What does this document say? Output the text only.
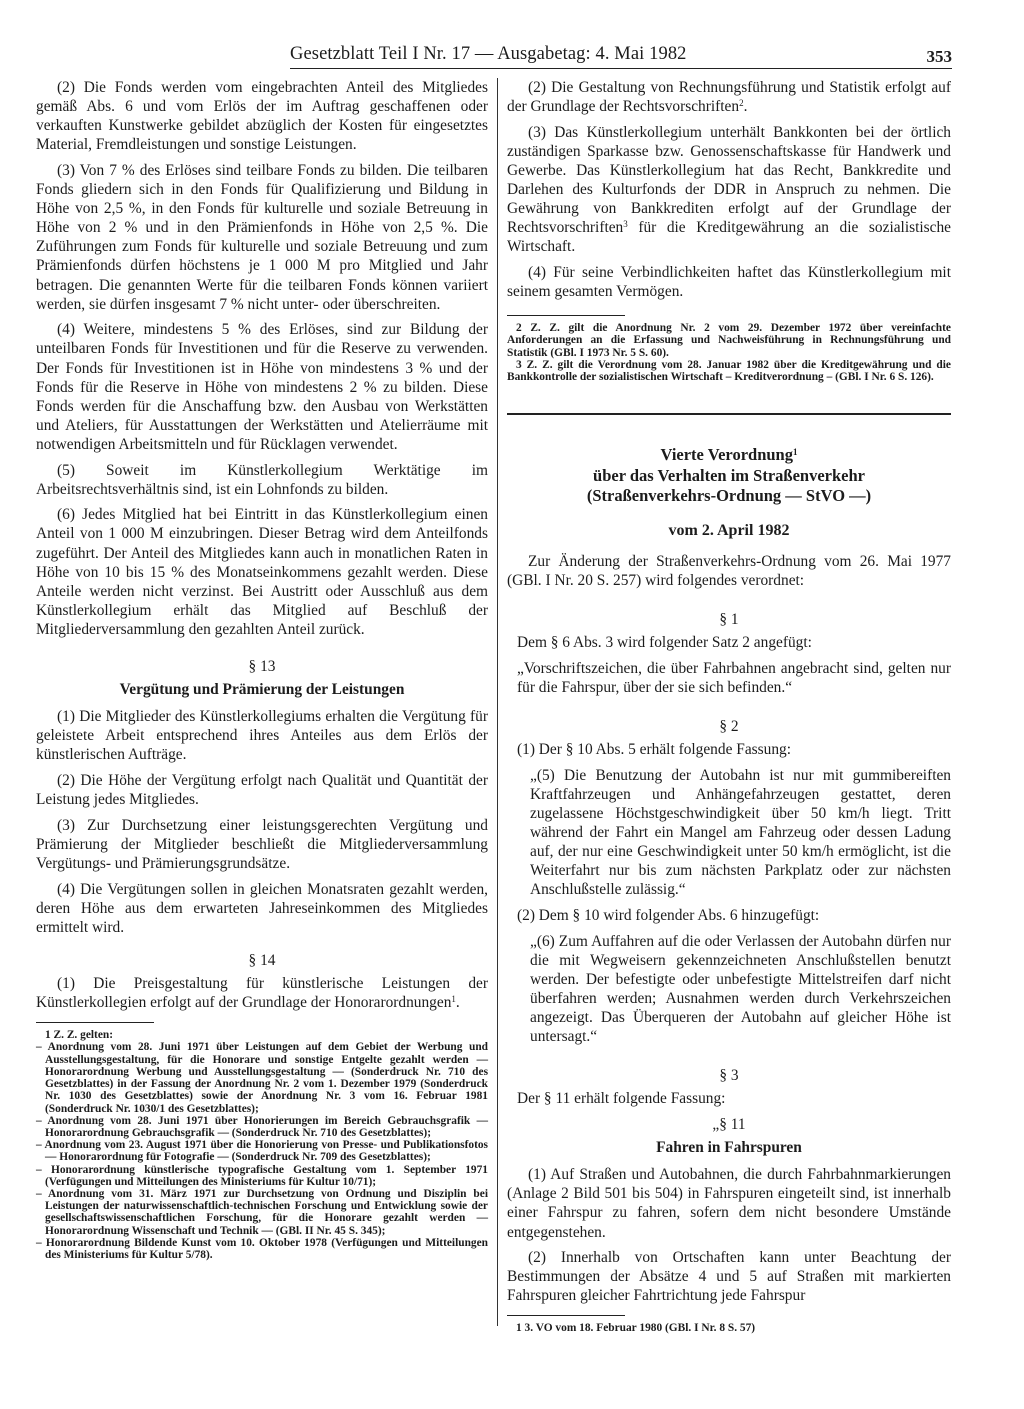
Gesetzblatt Teil I Nr. 17 — Ausgabetag: 4. Mai 1982	353

(2) Die Fonds werden vom eingebrachten Anteil des Mitgliedes gemäß Abs. 6 und vom Erlös der im Auftrag geschaffenen oder verkauften Kunstwerke gebildet abzüglich der Kosten für eingesetztes Material, Fremdleistungen und sonstige Leistungen.

(3) Von 7 % des Erlöses sind teilbare Fonds zu bilden. Die teilbaren Fonds gliedern sich in den Fonds für Qualifizierung und Bildung in Höhe von 2,5 %, in den Fonds für kulturelle und soziale Betreuung in Höhe von 2 % und in den Prämienfonds in Höhe von 2,5 %. Die Zuführungen zum Fonds für kulturelle und soziale Betreuung und zum Prämienfonds dürfen höchstens je 1 000 M pro Mitglied und Jahr betragen. Die genannten Werte für die teilbaren Fonds können variiert werden, sie dürfen insgesamt 7 % nicht unter- oder überschreiten.

(4) Weitere, mindestens 5 % des Erlöses, sind zur Bildung der unteilbaren Fonds für Investitionen und für die Reserve zu verwenden. Der Fonds für Investitionen ist in Höhe von mindestens 3 % und der Fonds für die Reserve in Höhe von mindestens 2 % zu bilden. Diese Fonds werden für die Anschaffung bzw. den Ausbau von Werkstätten und Ateliers, für Ausstattungen der Werkstätten und Atelierräume mit notwendigen Arbeitsmitteln und für Rücklagen verwendet.

(5) Soweit im Künstlerkollegium Werktätige im Arbeitsrechtsverhältnis sind, ist ein Lohnfonds zu bilden.

(6) Jedes Mitglied hat bei Eintritt in das Künstlerkollegium einen Anteil von 1 000 M einzubringen. Dieser Betrag wird dem Anteilfonds zugeführt. Der Anteil des Mitgliedes kann auch in monatlichen Raten in Höhe von 10 bis 15 % des Monatseinkommens gezahlt werden. Diese Anteile werden nicht verzinst. Bei Austritt oder Ausschluß aus dem Künstlerkollegium erhält das Mitglied auf Beschluß der Mitgliederversammlung den gezahlten Anteil zurück.

§ 13
Vergütung und Prämierung der Leistungen

(1) Die Mitglieder des Künstlerkollegiums erhalten die Vergütung für geleistete Arbeit entsprechend ihres Anteiles aus dem Erlös der künstlerischen Aufträge.

(2) Die Höhe der Vergütung erfolgt nach Qualität und Quantität der Leistung jedes Mitgliedes.

(3) Zur Durchsetzung einer leistungsgerechten Vergütung und Prämierung der Mitglieder beschließt die Mitgliederversammlung Vergütungs- und Prämierungsgrundsätze.

(4) Die Vergütungen sollen in gleichen Monatsraten gezahlt werden, deren Höhe aus dem erwarteten Jahreseinkommen des Mitgliedes ermittelt wird.

§ 14

(1) Die Preisgestaltung für künstlerische Leistungen der Künstlerkollegien erfolgt auf der Grundlage der Honorarordnungen$^1$.

1 Z. Z. gelten:

– Anordnung vom 28. Juni 1971 über Leistungen auf dem Gebiet der Werbung und Ausstellungsgestaltung, für die Honorare und sonstige Entgelte gezahlt werden — Honorarordnung Werbung und Ausstellungsgestaltung — (Sonderdruck Nr. 710 des Gesetzblattes) in der Fassung der Anordnung Nr. 2 vom 1. Dezember 1979 (Sonderdruck Nr. 1030 des Gesetzblattes) sowie der Anordnung Nr. 3 vom 16. Februar 1981 (Sonderdruck Nr. 1030/1 des Gesetzblattes);

– Anordnung vom 28. Juni 1971 über Honorierungen im Bereich Gebrauchsgrafik — Honorarordnung Gebrauchsgrafik — (Sonderdruck Nr. 710 des Gesetzblattes);

– Anordnung vom 23. August 1971 über die Honorierung von Presse- und Publikationsfotos — Honorarordnung für Fotografie — (Sonderdruck Nr. 709 des Gesetzblattes);

– Honorarordnung künstlerische typografische Gestaltung vom 1. September 1971 (Verfügungen und Mitteilungen des Ministeriums für Kultur 10/71);

– Anordnung vom 31. März 1971 zur Durchsetzung von Ordnung und Disziplin bei Leistungen der naturwissenschaftlich-technischen Forschung und Entwicklung sowie der gesellschaftswissenschaftlichen Forschung, für die Honorare gezahlt werden — Honorarordnung Wissenschaft und Technik — (GBl. II Nr. 45 S. 345);

– Honorarordnung Bildende Kunst vom 10. Oktober 1978 (Verfügungen und Mitteilungen des Ministeriums für Kultur 5/78).

(2) Die Gestaltung von Rechnungsführung und Statistik erfolgt auf der Grundlage der Rechtsvorschriften$^2$.

(3) Das Künstlerkollegium unterhält Bankkonten bei der örtlich zuständigen Sparkasse bzw. Genossenschaftskasse für Handwerk und Gewerbe. Das Künstlerkollegium hat das Recht, Bankkredite und Darlehen des Kulturfonds der DDR in Anspruch zu nehmen. Die Gewährung von Bankkrediten erfolgt auf der Grundlage der Rechtsvorschriften$^3$ für die Kreditgewährung an die sozialistische Wirtschaft.

(4) Für seine Verbindlichkeiten haftet das Künstlerkollegium mit seinem gesamten Vermögen.

2 Z. Z. gilt die Anordnung Nr. 2 vom 29. Dezember 1972 über vereinfachte Anforderungen an die Erfassung und Nachweisführung in Rechnungsführung und Statistik (GBl. I 1973 Nr. 5 S. 60).

3 Z. Z. gilt die Verordnung vom 28. Januar 1982 über die Kreditgewährung und die Bankkontrolle der sozialistischen Wirtschaft – Kreditverordnung – (GBl. I Nr. 6 S. 126).

Vierte Verordnung$^1$

über das Verhalten im Straßenverkehr

(Straßenverkehrs-Ordnung — StVO —)

vom 2. April 1982

Zur Änderung der Straßenverkehrs-Ordnung vom 26. Mai 1977 (GBl. I Nr. 20 S. 257) wird folgendes verordnet:

§ 1

Dem § 6 Abs. 3 wird folgender Satz 2 angefügt:

„Vorschriftszeichen, die über Fahrbahnen angebracht sind, gelten nur für die Fahrspur, über der sie sich befinden.“

§ 2

(1) Der § 10 Abs. 5 erhält folgende Fassung:

„(5) Die Benutzung der Autobahn ist nur mit gummibereiften Kraftfahrzeugen und Anhängefahrzeugen gestattet, deren zugelassene Höchstgeschwindigkeit über 50 km/h liegt. Tritt während der Fahrt ein Mangel am Fahrzeug oder dessen Ladung auf, der nur eine Geschwindigkeit unter 50 km/h ermöglicht, ist die Weiterfahrt nur bis zum nächsten Parkplatz oder zur nächsten Anschlußstelle zulässig.“

(2) Dem § 10 wird folgender Abs. 6 hinzugefügt:

„(6) Zum Auffahren auf die oder Verlassen der Autobahn dürfen nur die mit Wegweisern gekennzeichneten Anschlußstellen benutzt werden. Der befestigte oder unbefestigte Mittelstreifen darf nicht überfahren werden; Ausnahmen werden durch Verkehrszeichen angezeigt. Das Überqueren der Autobahn auf gleicher Höhe ist untersagt.“

§ 3

Der § 11 erhält folgende Fassung:

„§ 11
Fahren in Fahrspuren

(1) Auf Straßen und Autobahnen, die durch Fahrbahnmarkierungen (Anlage 2 Bild 501 bis 504) in Fahrspuren eingeteilt sind, ist innerhalb einer Fahrspur zu fahren, sofern dem nicht besondere Umstände entgegenstehen.

(2) Innerhalb von Ortschaften kann unter Beachtung der Bestimmungen der Absätze 4 und 5 auf Straßen mit markierten Fahrspuren gleicher Fahrtrichtung jede Fahrspur

1 3. VO vom 18. Februar 1980 (GBl. I Nr. 8 S. 57)
